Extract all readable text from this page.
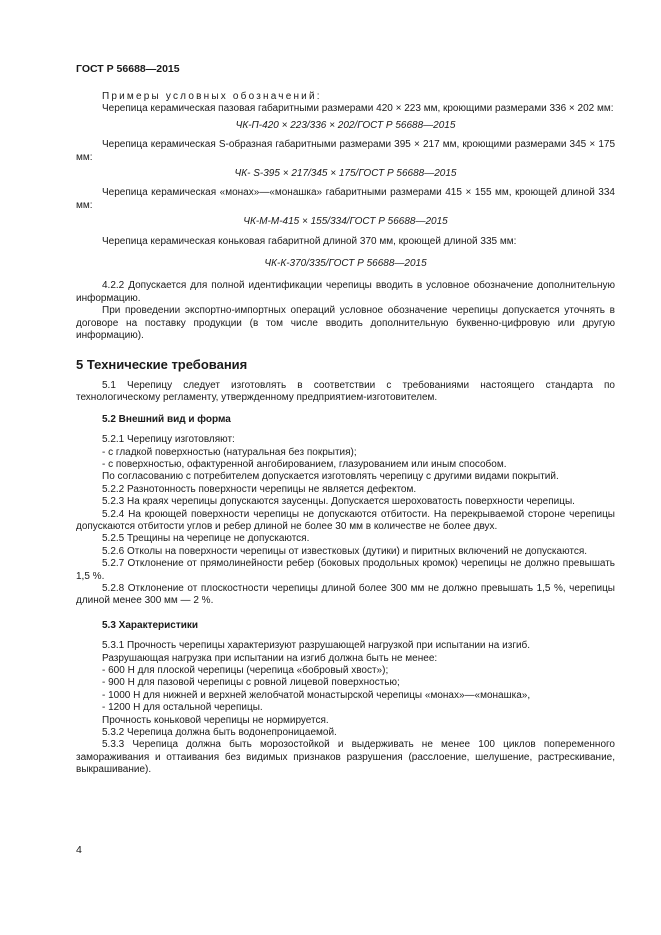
ГОСТ Р 56688—2015

Примеры условных обозначений:

Черепица керамическая пазовая габаритными размерами 420 × 223 мм, кроющими размерами 336 × 202 мм:

ЧК-П-420 × 223/336 × 202/ГОСТ Р 56688—2015

Черепица керамическая S-образная габаритными размерами 395 × 217 мм, кроющими размерами 345 × 175 мм:

ЧК- S-395 × 217/345 × 175/ГОСТ Р 56688—2015

Черепица керамическая «монах»—«монашка» габаритными размерами 415 × 155 мм, кроющей длиной 334 мм:

ЧК-М-М-415 × 155/334/ГОСТ Р 56688—2015

Черепица керамическая коньковая габаритной длиной 370 мм, кроющей длиной 335 мм:

ЧК-К-370/335/ГОСТ Р 56688—2015

4.2.2 Допускается для полной идентификации черепицы вводить в условное обозначение дополнительную информацию.

При проведении экспортно-импортных операций условное обозначение черепицы допускается уточнять в договоре на поставку продукции (в том числе вводить дополнительную буквенно-цифровую или другую информацию).

5 Технические требования

5.1 Черепицу следует изготовлять в соответствии с требованиями настоящего стандарта по технологическому регламенту, утвержденному предприятием-изготовителем.

5.2 Внешний вид и форма

5.2.1 Черепицу изготовляют:

- с гладкой поверхностью (натуральная без покрытия);

- с поверхностью, офактуренной ангобированием, глазурованием или иным способом.

По согласованию с потребителем допускается изготовлять черепицу с другими видами покрытий.

5.2.2 Разнотонность поверхности черепицы не является дефектом.

5.2.3 На краях черепицы допускаются заусенцы. Допускается шероховатость поверхности черепицы.

5.2.4 На кроющей поверхности черепицы не допускаются отбитости. На перекрываемой стороне черепицы допускаются отбитости углов и ребер длиной не более 30 мм в количестве не более двух.

5.2.5 Трещины на черепице не допускаются.

5.2.6 Отколы на поверхности черепицы от известковых (дутики) и пиритных включений не допускаются.

5.2.7 Отклонение от прямолинейности ребер (боковых продольных кромок) черепицы не должно превышать 1,5 %.

5.2.8 Отклонение от плоскостности черепицы длиной более 300 мм не должно превышать 1,5 %, черепицы длиной менее 300 мм — 2 %.

5.3 Характеристики

5.3.1 Прочность черепицы характеризуют разрушающей нагрузкой при испытании на изгиб.

Разрушающая нагрузка при испытании на изгиб должна быть не менее:

- 600 Н для плоской черепицы (черепица «бобровый хвост»);

- 900 Н для пазовой черепицы с ровной лицевой поверхностью;

- 1000 Н для нижней и верхней желобчатой монастырской черепицы «монах»—«монашка»,

- 1200 Н для остальной черепицы.

Прочность коньковой черепицы не нормируется.

5.3.2 Черепица должна быть водонепроницаемой.

5.3.3 Черепица должна быть морозостойкой и выдерживать не менее 100 циклов попеременного замораживания и оттаивания без видимых признаков разрушения (расслоение, шелушение, растрескивание, выкрашивание).

4
